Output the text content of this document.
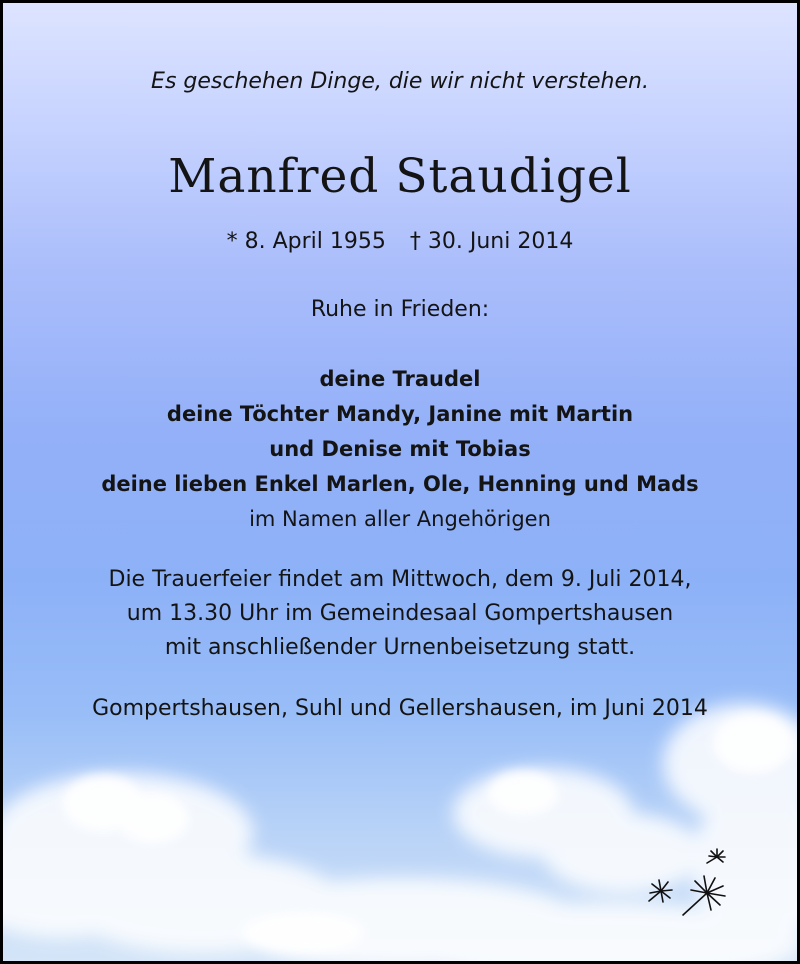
Es geschehen Dinge, die wir nicht verstehen.
Manfred Staudigel
* 8. April 1955 † 30. Juni 2014
Ruhe in Frieden:
deine Traudel
deine Töchter Mandy, Janine mit Martin
und Denise mit Tobias
deine lieben Enkel Marlen, Ole, Henning und Mads
im Namen aller Angehörigen
Die Trauerfeier findet am Mittwoch, dem 9. Juli 2014,
um 13.30 Uhr im Gemeindesaal Gompertshausen
mit anschließender Urnenbeisetzung statt.
Gompertshausen, Suhl und Gellershausen, im Juni 2014
